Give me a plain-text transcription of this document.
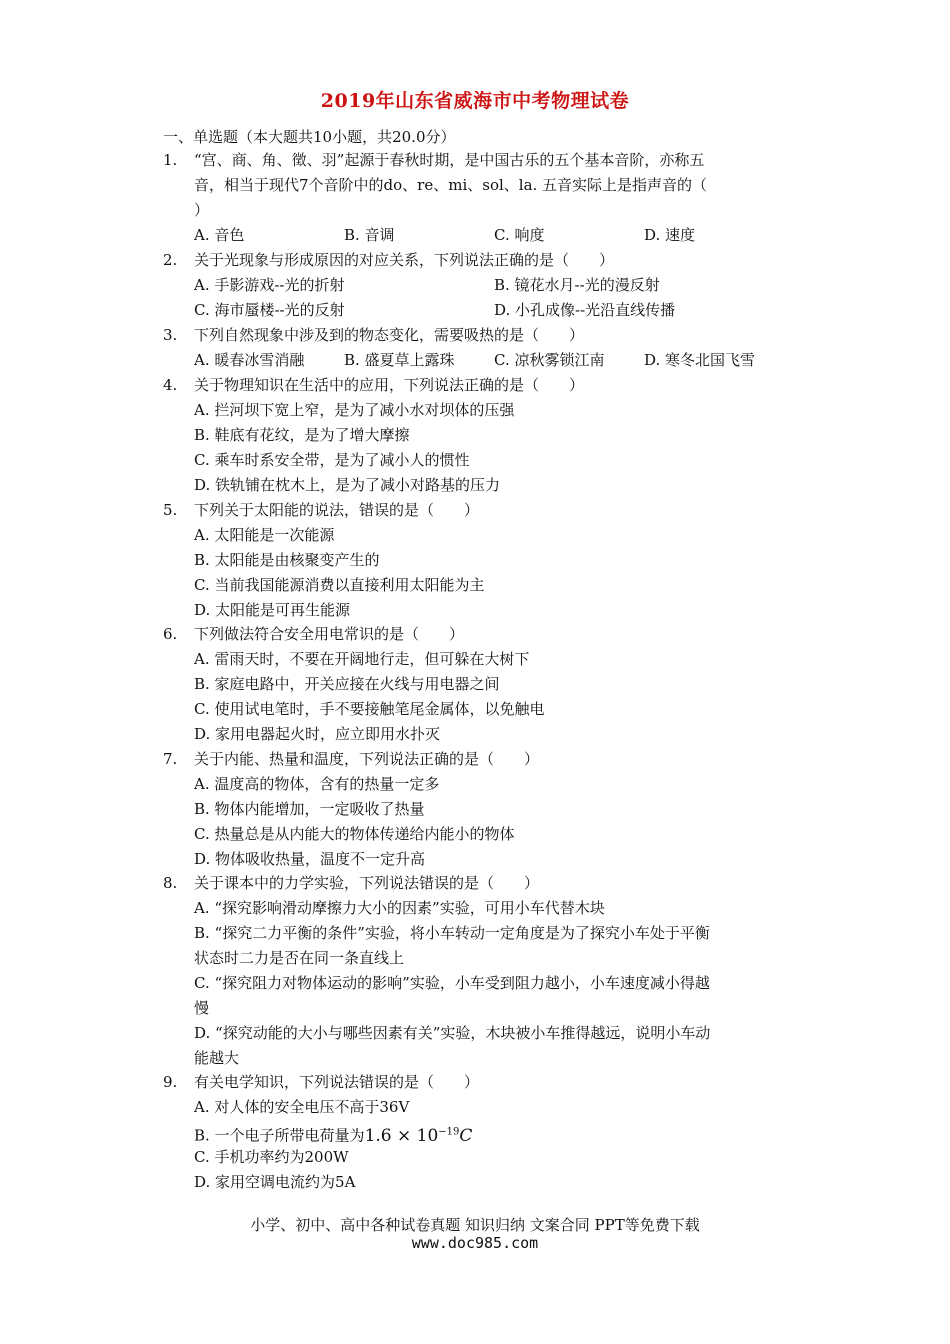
2019年山东省威海市中考物理试卷
一、单选题（本大题共10小题，共20.0分）
1. “宫、商、角、徵、羽”起源于春秋时期，是中国古乐的五个基本音阶，亦称五
音，相当于现代7个音阶中的do、re、mi、sol、la. 五音实际上是指声音的（
）
A. 音色	B. 音调	C. 响度	D. 速度
2. 关于光现象与形成原因的对应关系，下列说法正确的是（　　）
A. 手影游戏--光的折射	B. 镜花水月--光的漫反射
C. 海市蜃楼--光的反射	D. 小孔成像--光沿直线传播
3. 下列自然现象中涉及到的物态变化，需要吸热的是（　　）
A. 暖春冰雪消融	B. 盛夏草上露珠	C. 凉秋雾锁江南	D. 寒冬北国飞雪
4. 关于物理知识在生活中的应用，下列说法正确的是（　　）
A. 拦河坝下宽上窄，是为了减小水对坝体的压强
B. 鞋底有花纹，是为了增大摩擦
C. 乘车时系安全带，是为了减小人的惯性
D. 铁轨铺在枕木上，是为了减小对路基的压力
5. 下列关于太阳能的说法，错误的是（　　）
A. 太阳能是一次能源
B. 太阳能是由核聚变产生的
C. 当前我国能源消费以直接利用太阳能为主
D. 太阳能是可再生能源
6. 下列做法符合安全用电常识的是（　　）
A. 雷雨天时，不要在开阔地行走，但可躲在大树下
B. 家庭电路中，开关应接在火线与用电器之间
C. 使用试电笔时，手不要接触笔尾金属体，以免触电
D. 家用电器起火时，应立即用水扑灭
7. 关于内能、热量和温度，下列说法正确的是（　　）
A. 温度高的物体，含有的热量一定多
B. 物体内能增加，一定吸收了热量
C. 热量总是从内能大的物体传递给内能小的物体
D. 物体吸收热量，温度不一定升高
8. 关于课本中的力学实验，下列说法错误的是（　　）
A. “探究影响滑动摩擦力大小的因素”实验，可用小车代替木块
B. “探究二力平衡的条件”实验，将小车转动一定角度是为了探究小车处于平衡
状态时二力是否在同一条直线上
C. “探究阻力对物体运动的影响”实验，小车受到阻力越小，小车速度减小得越
慢
D. “探究动能的大小与哪些因素有关”实验，木块被小车推得越远，说明小车动
能越大
9. 有关电学知识，下列说法错误的是（　　）
A. 对人体的安全电压不高于36V
B. 一个电子所带电荷量为$1.6 \times 10^{-19}C$
C. 手机功率约为200W
D. 家用空调电流约为5A
小学、初中、高中各种试卷真题 知识归纳 文案合同 PPT等免费下载
www.doc985.com
